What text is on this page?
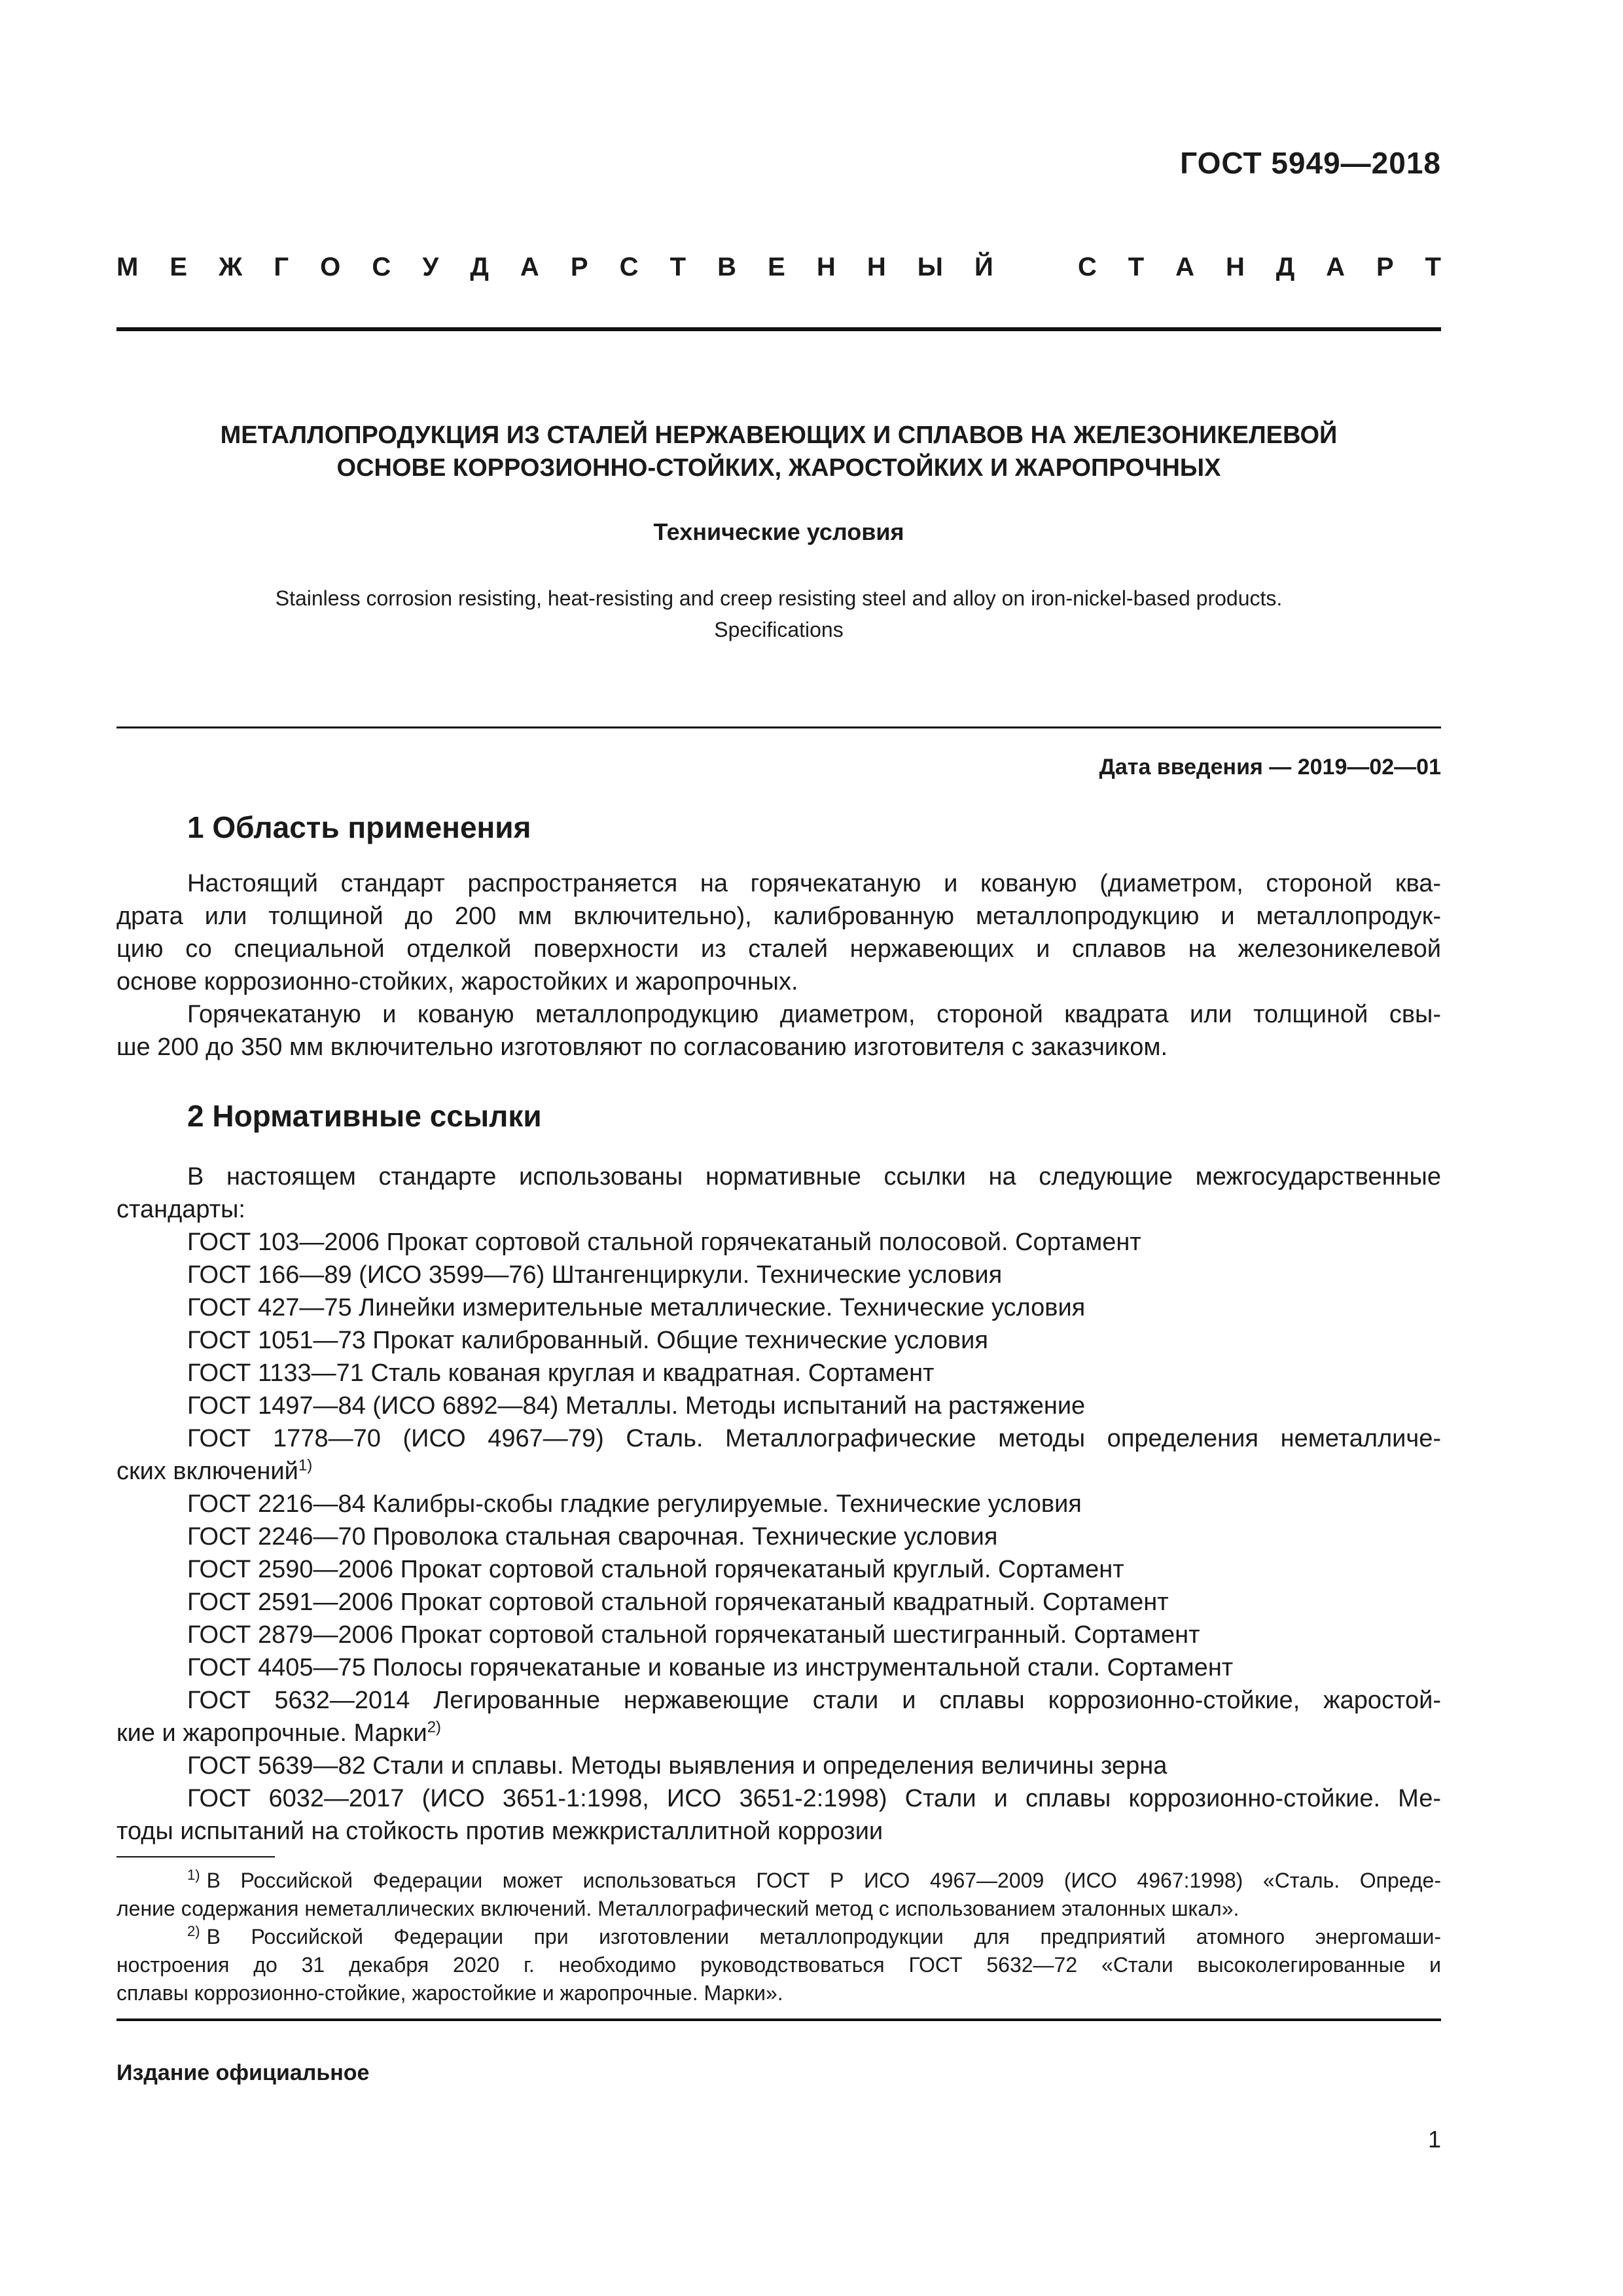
ГОСТ 5949—2018
М Е Ж Г О С У Д А Р С Т В Е Н Н Ы Й	С Т А Н Д А Р Т
МЕТАЛЛОПРОДУКЦИЯ ИЗ СТАЛЕЙ НЕРЖАВЕЮЩИХ И СПЛАВОВ НА ЖЕЛЕЗОНИКЕЛЕВОЙ
ОСНОВЕ КОРРОЗИОННО-СТОЙКИХ, ЖАРОСТОЙКИХ И ЖАРОПРОЧНЫХ
Технические условия
Stainless corrosion resisting, heat-resisting and creep resisting steel and alloy on iron-nickel-based products.
Specifications
Дата введения — 2019—02—01
1 Область применения
Настоящий стандарт распространяется на горячекатаную и кованую (диаметром, стороной ква-
драта или толщиной до 200 мм включительно), калиброванную металлопродукцию и металлопродук-
цию со специальной отделкой поверхности из сталей нержавеющих и сплавов на железоникелевой
основе коррозионно-стойких, жаростойких и жаропрочных.
Горячекатаную и кованую металлопродукцию диаметром, стороной квадрата или толщиной свы-
ше 200 до 350 мм включительно изготовляют по согласованию изготовителя с заказчиком.
2 Нормативные ссылки
В настоящем стандарте использованы нормативные ссылки на следующие межгосударственные
стандарты:
ГОСТ 103—2006 Прокат сортовой стальной горячекатаный полосовой. Сортамент
ГОСТ 166—89 (ИСО 3599—76) Штангенциркули. Технические условия
ГОСТ 427—75 Линейки измерительные металлические. Технические условия
ГОСТ 1051—73 Прокат калиброванный. Общие технические условия
ГОСТ 1133—71 Сталь кованая круглая и квадратная. Сортамент
ГОСТ 1497—84 (ИСО 6892—84) Металлы. Методы испытаний на растяжение
ГОСТ 1778—70 (ИСО 4967—79) Сталь. Металлографические методы определения неметалличе-
ских включений$^{1)}$
ГОСТ 2216—84 Калибры-скобы гладкие регулируемые. Технические условия
ГОСТ 2246—70 Проволока стальная сварочная. Технические условия
ГОСТ 2590—2006 Прокат сортовой стальной горячекатаный круглый. Сортамент
ГОСТ 2591—2006 Прокат сортовой стальной горячекатаный квадратный. Сортамент
ГОСТ 2879—2006 Прокат сортовой стальной горячекатаный шестигранный. Сортамент
ГОСТ 4405—75 Полосы горячекатаные и кованые из инструментальной стали. Сортамент
ГОСТ 5632—2014 Легированные нержавеющие стали и сплавы коррозионно-стойкие, жаростой-
кие и жаропрочные. Марки$^{2)}$
ГОСТ 5639—82 Стали и сплавы. Методы выявления и определения величины зерна
ГОСТ 6032—2017 (ИСО 3651-1:1998, ИСО 3651-2:1998) Стали и сплавы коррозионно-стойкие. Ме-
тоды испытаний на стойкость против межкристаллитной коррозии
$^{1)}$ В Российской Федерации может использоваться ГОСТ Р ИСО 4967—2009 (ИСО 4967:1998) «Сталь. Опреде-
ление содержания неметаллических включений. Металлографический метод с использованием эталонных шкал».
$^{2)}$ В Российской Федерации при изготовлении металлопродукции для предприятий атомного энергомаши-
ностроения до 31 декабря 2020 г. необходимо руководствоваться ГОСТ 5632—72 «Стали высоколегированные и
сплавы коррозионно-стойкие, жаростойкие и жаропрочные. Марки».
Издание официальное
1
